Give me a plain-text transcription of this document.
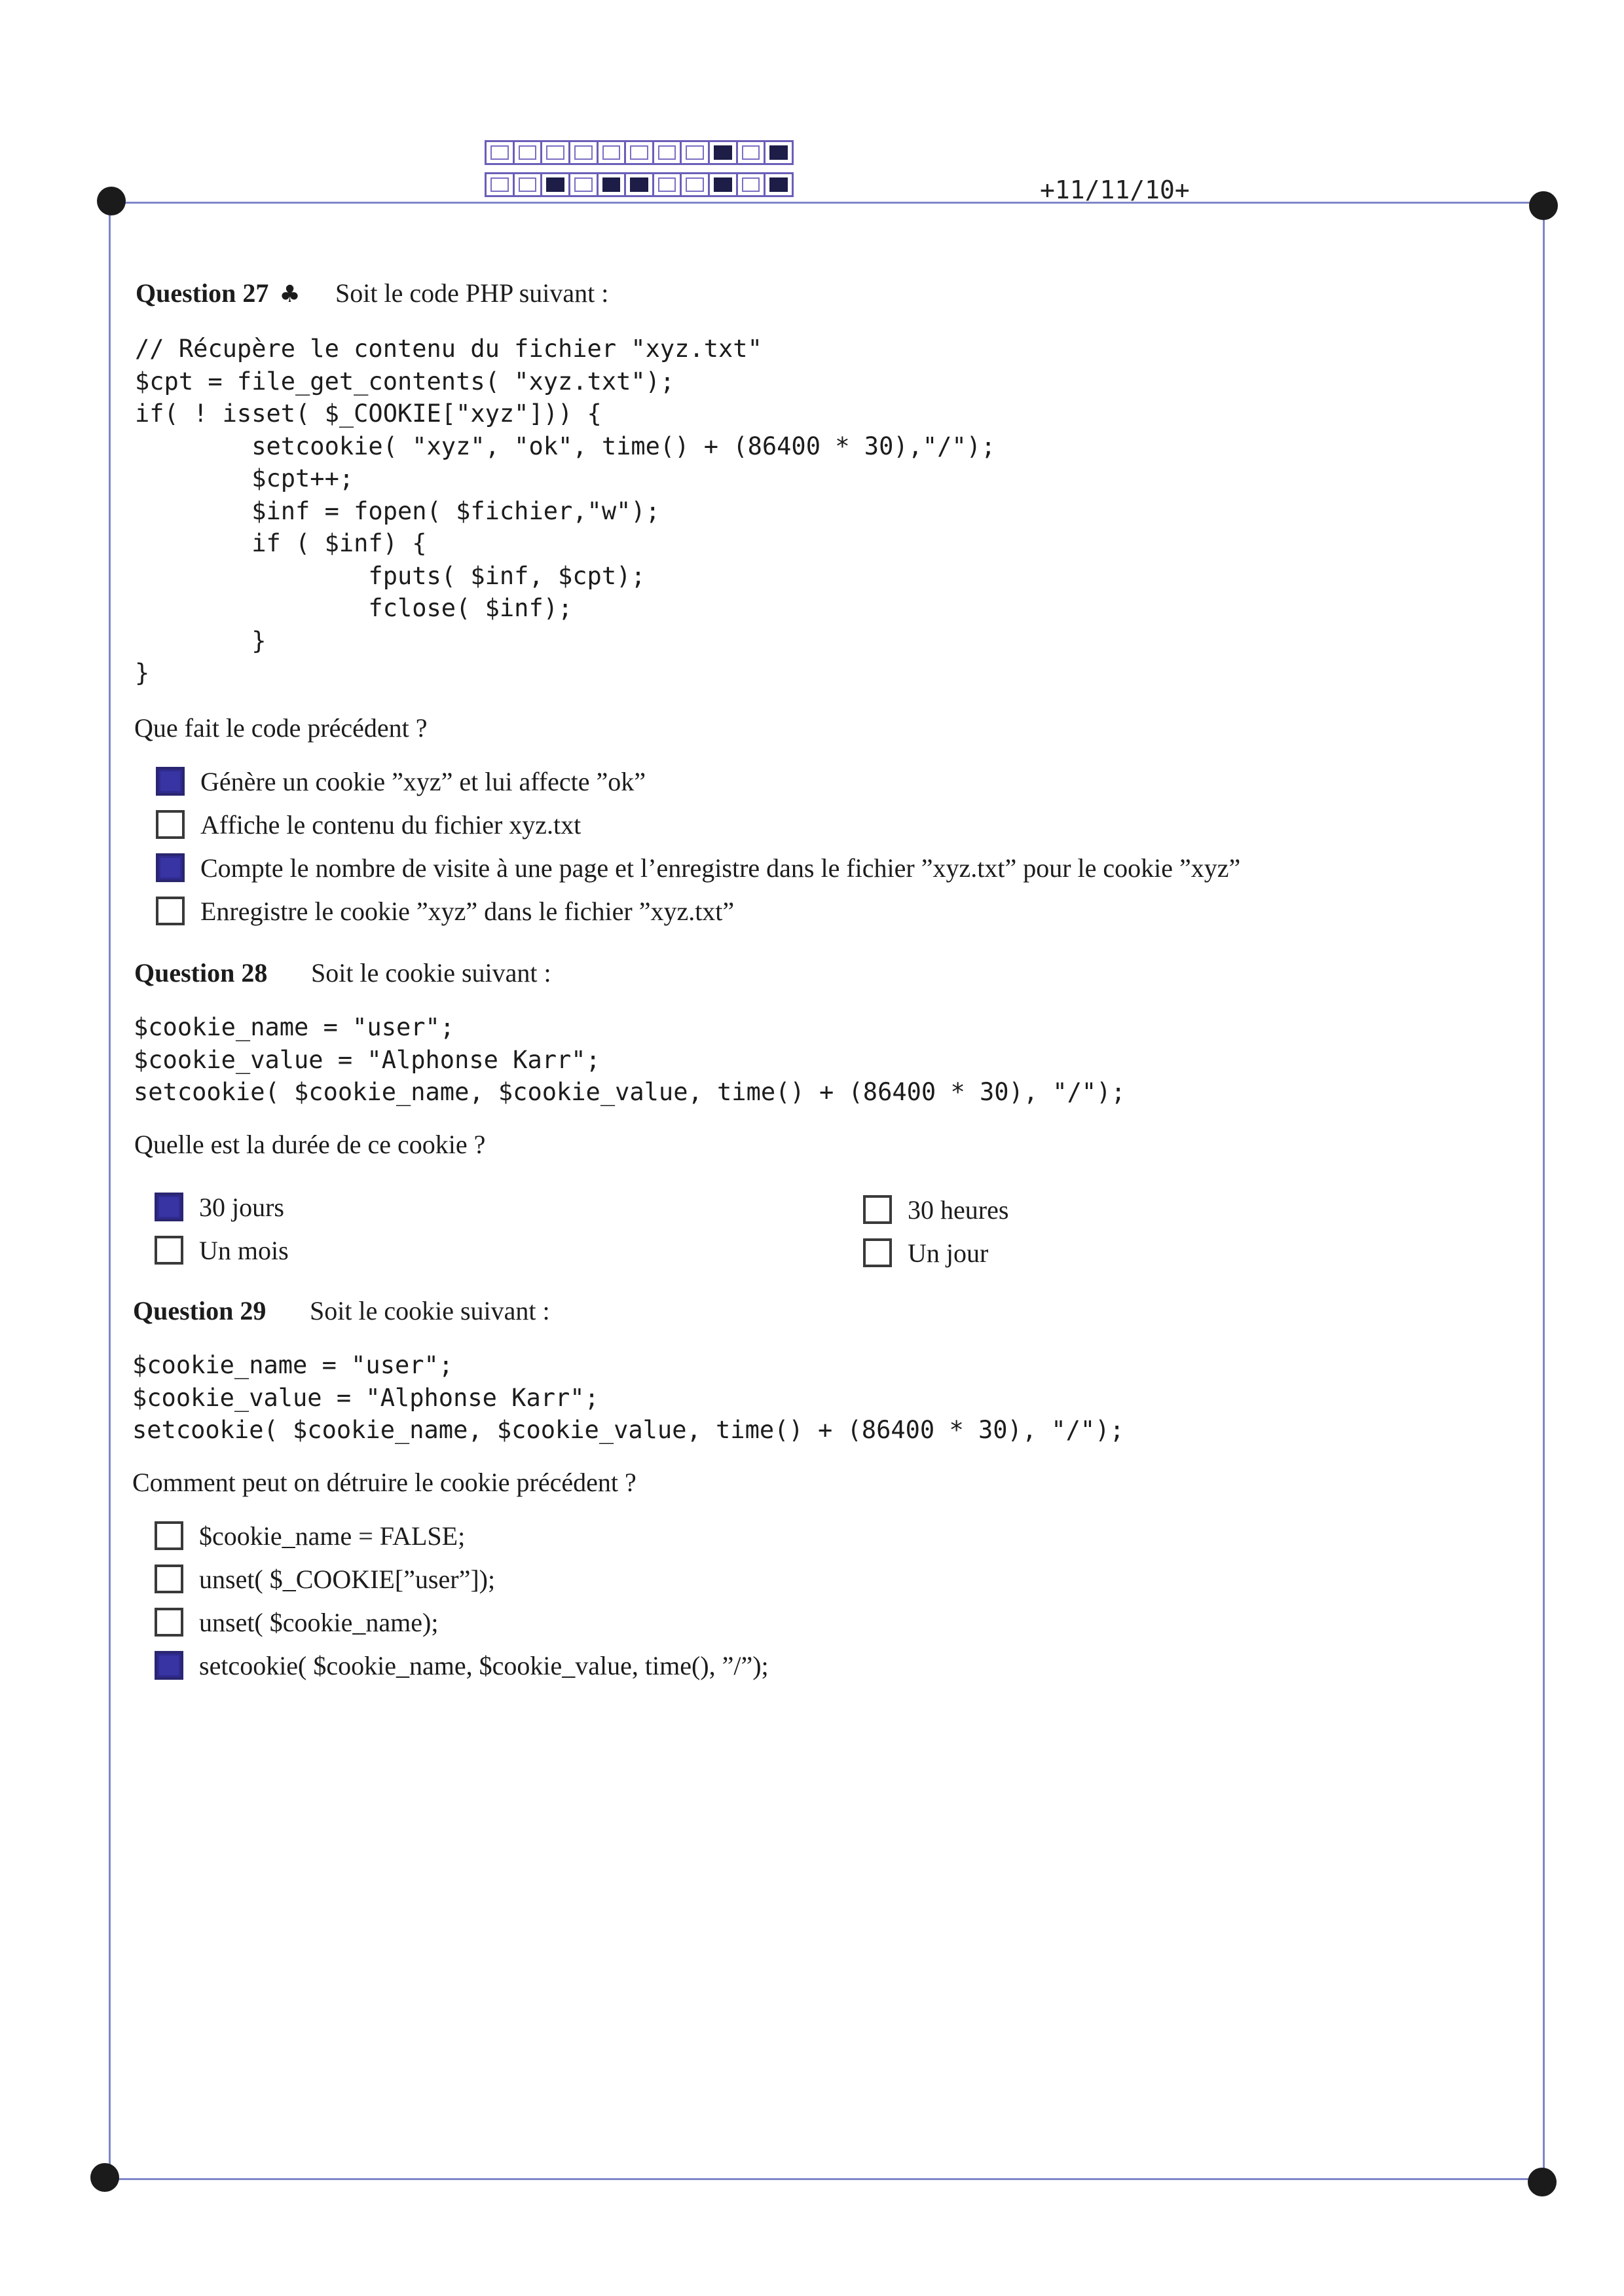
+11/11/10+
Question 27 ♣ Soit le code PHP suivant :
// Récupère le contenu du fichier "xyz.txt"
$cpt = file_get_contents( "xyz.txt");
if( ! isset( $_COOKIE["xyz"])) {
setcookie( "xyz", "ok", time() + (86400 * 30),"/");
$cpt++;
$inf = fopen( $fichier,"w");
if ( $inf) {
fputs( $inf, $cpt);
fclose( $inf);
}
}
Que fait le code précédent ?
Génère un cookie ”xyz” et lui affecte ”ok”
Affiche le contenu du fichier xyz.txt
Compte le nombre de visite à une page et l’enregistre dans le fichier ”xyz.txt” pour le cookie ”xyz”
Enregistre le cookie ”xyz” dans le fichier ”xyz.txt”
Question 28 Soit le cookie suivant :
$cookie_name = "user";
$cookie_value = "Alphonse Karr";
setcookie( $cookie_name, $cookie_value, time() + (86400 * 30), "/");
Quelle est la durée de ce cookie ?
30 jours	30 heures
Un mois	Un jour
Question 29 Soit le cookie suivant :
$cookie_name = "user";
$cookie_value = "Alphonse Karr";
setcookie( $cookie_name, $cookie_value, time() + (86400 * 30), "/");
Comment peut on détruire le cookie précédent ?
$cookie_name = FALSE;
unset( $_COOKIE[”user”]);
unset( $cookie_name);
setcookie( $cookie_name, $cookie_value, time(), ”/”);
